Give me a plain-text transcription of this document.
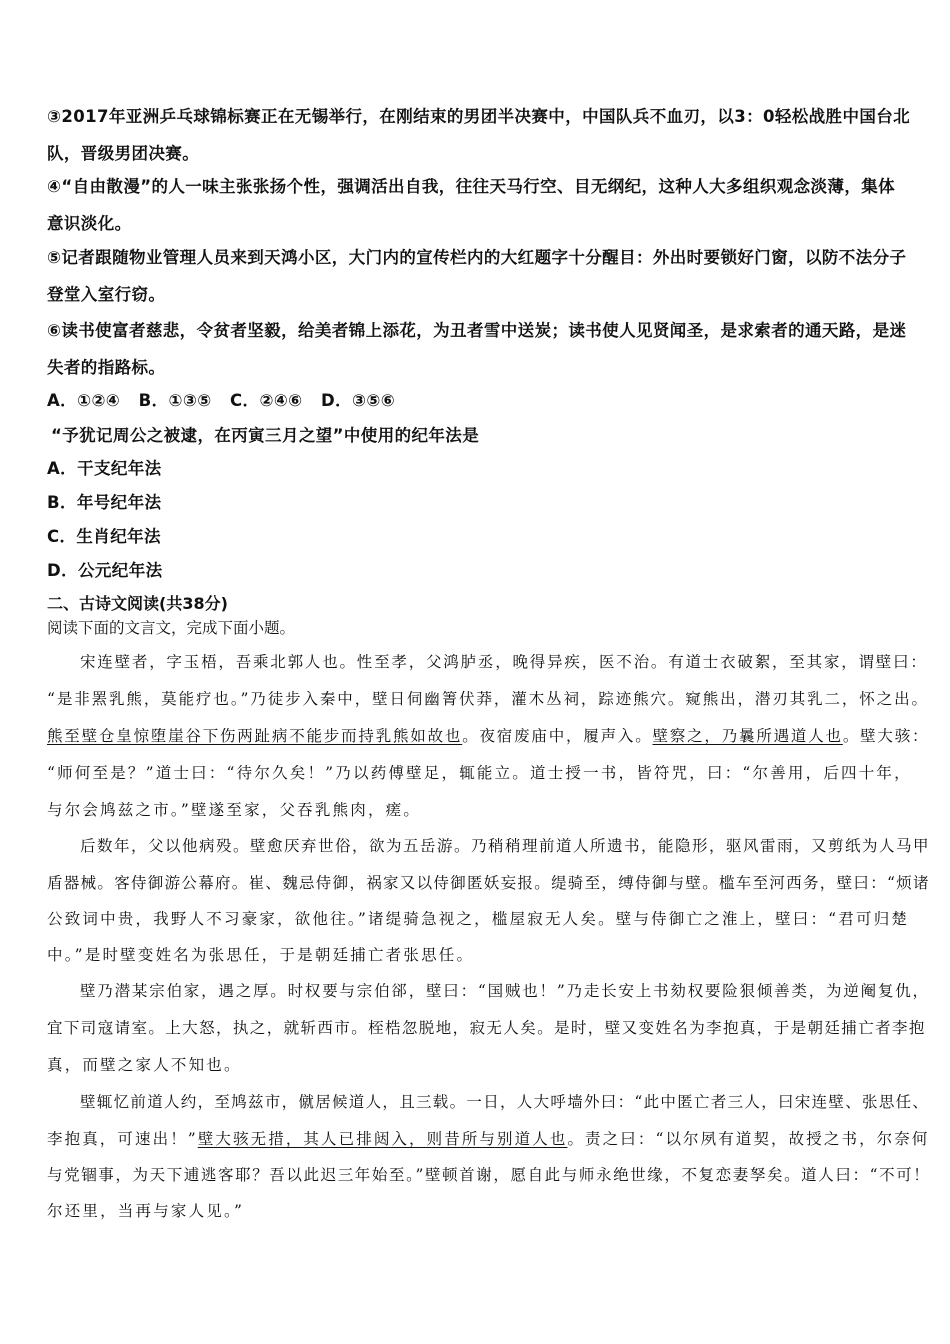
③2017年亚洲乒乓球锦标赛正在无锡举行，在刚结束的男团半决赛中，中国队兵不血刃，以3：0轻松战胜中国台北
队，晋级男团决赛。
④“自由散漫”的人一味主张张扬个性，强调活出自我，往往天马行空、目无纲纪，这种人大多组织观念淡薄，集体
意识淡化。
⑤记者跟随物业管理人员来到天鸿小区，大门内的宣传栏内的大红题字十分醒目：外出时要锁好门窗，以防不法分子
登堂入室行窃。
⑥读书使富者慈悲，令贫者坚毅，给美者锦上添花，为丑者雪中送炭；读书使人见贤闻圣，是求索者的通天路，是迷
失者的指路标。
A．①②④   B．①③⑤   C．②④⑥   D．③⑤⑥
“予犹记周公之被逮，在丙寅三月之望”中使用的纪年法是
A．干支纪年法
B．年号纪年法
C．生肖纪年法
D．公元纪年法
二、古诗文阅读(共38分)
阅读下面的文言文，完成下面小题。
宋连壁者，字玉梧，吾乘北郭人也。性至孝，父鸿胪丞，晚得异疾，医不治。有道士衣破絮，至其家，谓壁曰：
“是非罴乳熊，莫能疗也。”乃徒步入秦中，壁日伺幽箐伏莽，灌木丛祠，踪迹熊穴。窥熊出，潜刃其乳二，怀之出。
熊至壁仓皇惊堕崖谷下伤两趾病不能步而持乳熊如故也。夜宿废庙中，履声入。壁察之，乃曩所遇道人也。壁大骇：
“师何至是？”道士曰：“待尔久矣！”乃以药傅壁足，辄能立。道士授一书，皆符咒，曰：“尔善用，后四十年，
与尔会鸠兹之市。”壁遂至家，父吞乳熊肉，瘥。
后数年，父以他病殁。壁愈厌弃世俗，欲为五岳游。乃稍稍理前道人所遗书，能隐形，驱风雷雨，又剪纸为人马甲
盾器械。客侍御游公幕府。崔、魏忌侍御，祸家又以侍御匿妖妄报。缇骑至，缚侍御与壁。槛车至河西务，壁曰：“烦诸
公致词中贵，我野人不习豪家，欲他往。”诸缇骑急视之，槛屋寂无人矣。壁与侍御亡之淮上，壁曰：“君可归楚
中。”是时壁变姓名为张思任，于是朝廷捕亡者张思任。
壁乃潜某宗伯家，遇之厚。时权要与宗伯郤，壁曰：“国贼也！”乃走长安上书劾权要险狠倾善类，为逆阉复仇，
宜下司寇请室。上大怒，执之，就斩西市。桎梏忽脱地，寂无人矣。是时，壁又变姓名为李抱真，于是朝廷捕亡者李抱
真，而壁之家人不知也。
壁辄忆前道人约，至鸠兹市，僦居候道人，且三载。一日，人大呼墙外曰：“此中匿亡者三人，曰宋连壁、张思任、
李抱真，可速出！”壁大骇无措，其人已排闼入，则昔所与别道人也。责之曰：“以尔夙有道契，故授之书，尔奈何
与党锢事，为天下逋逃客耶？吾以此迟三年始至。”壁顿首谢，愿自此与师永绝世缘，不复恋妻孥矣。道人曰：“不可！
尔还里，当再与家人见。”
